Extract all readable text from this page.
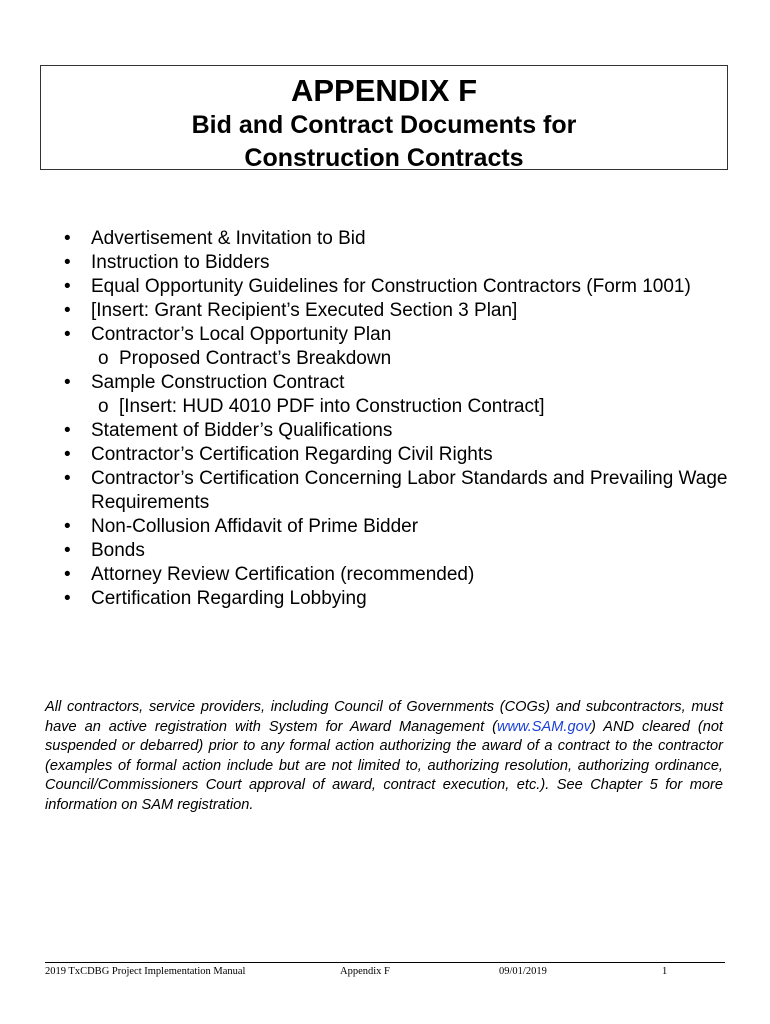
APPENDIX F
Bid and Contract Documents for
Construction Contracts
• Advertisement & Invitation to Bid
• Instruction to Bidders
• Equal Opportunity Guidelines for Construction Contractors (Form 1001)
• [Insert: Grant Recipient’s Executed Section 3 Plan]
• Contractor’s Local Opportunity Plan
o Proposed Contract’s Breakdown
• Sample Construction Contract
o [Insert: HUD 4010 PDF into Construction Contract]
• Statement of Bidder’s Qualifications
• Contractor’s Certification Regarding Civil Rights
• Contractor’s Certification Concerning Labor Standards and Prevailing Wage Requirements
• Non-Collusion Affidavit of Prime Bidder
• Bonds
• Attorney Review Certification (recommended)
• Certification Regarding Lobbying
All contractors, service providers, including Council of Governments (COGs) and subcontractors, must have an active registration with System for Award Management (www.SAM.gov) AND cleared (not suspended or debarred) prior to any formal action authorizing the award of a contract to the contractor (examples of formal action include but are not limited to, authorizing resolution, authorizing ordinance, Council/Commissioners Court approval of award, contract execution, etc.). See Chapter 5 for more information on SAM registration.
2019 TxCDBG Project Implementation Manual	Appendix F	09/01/2019	1
